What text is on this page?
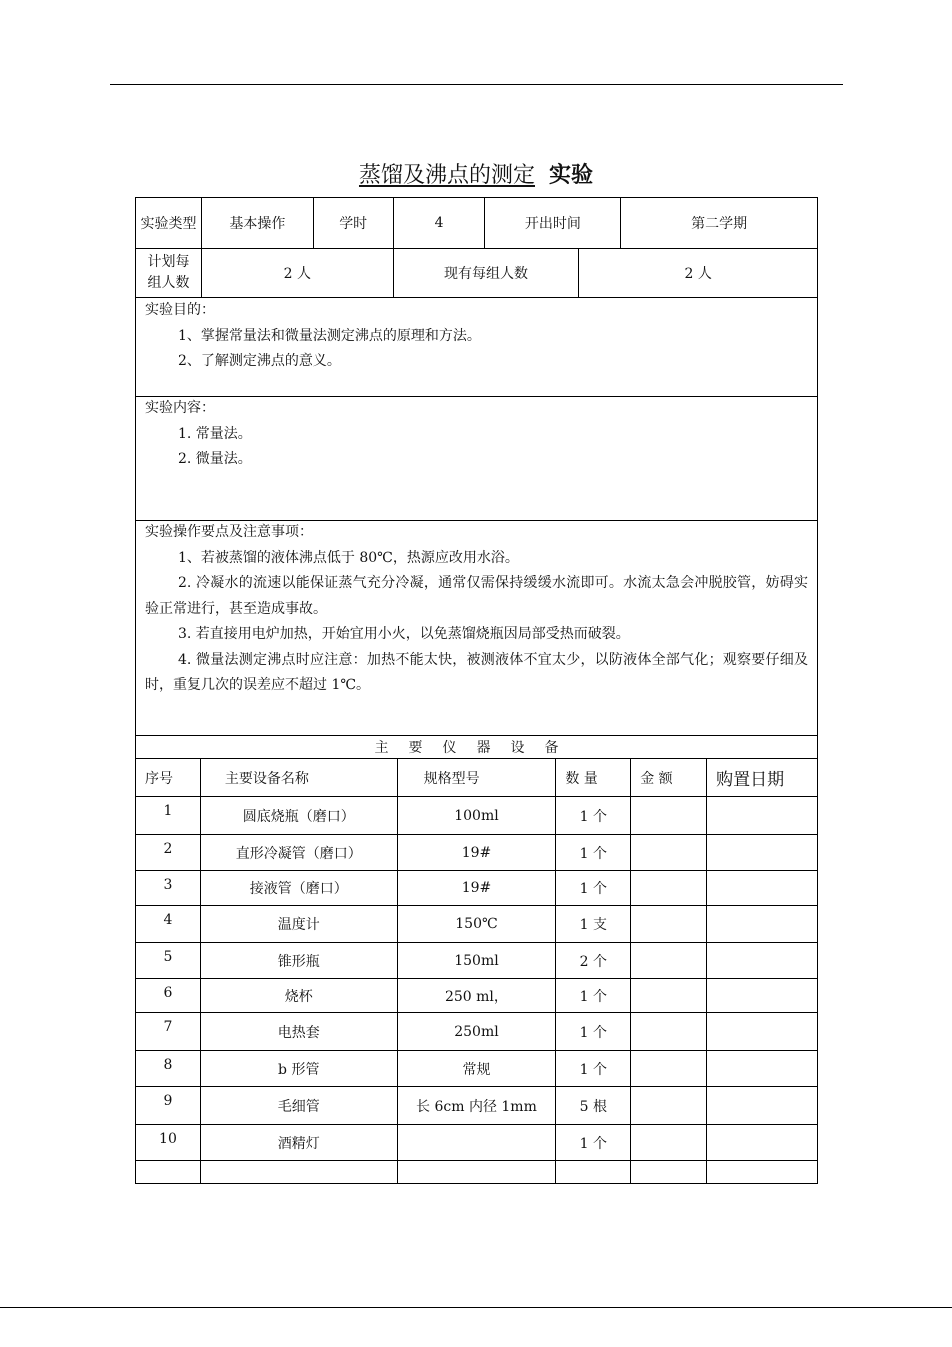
蒸馏及沸点的测定 实验
实验类型	基本操作	学时	4	开出时间		第二学期
计划每组人数	2 人		现有每组人数		2 人	
实验目的：
1、掌握常量法和微量法测定沸点的原理和方法。
2、了解测定沸点的意义。
实验内容：
1. 常量法。
2. 微量法。
实验操作要点及注意事项：
1、若被蒸馏的液体沸点低于 80℃，热源应改用水浴。
2. 冷凝水的流速以能保证蒸气充分冷凝，通常仅需保持缓缓水流即可。水流太急会冲脱胶管，妨碍实验正常进行，甚至造成事故。
3. 若直接用电炉加热，开始宜用小火，以免蒸馏烧瓶因局部受热而破裂。
4. 微量法测定沸点时应注意：加热不能太快，被测液体不宜太少，以防液体全部气化；观察要仔细及时，重复几次的误差应不超过 1℃。
主要仪器设备					
序号	主要设备名称	规格型号	数 量	金 额	购置日期
1	圆底烧瓶（磨口）	100ml	1 个		
2	直形冷凝管（磨口）	19#	1 个		
3	接液管（磨口）	19#	1 个		
4	温度计	150℃	1 支		
5	锥形瓶	150ml	2 个		
6	烧杯	250 ml，	1 个		
7	电热套	250ml	1 个		
8	b 形管	常规	1 个		
9	毛细管	长 6cm 内径 1mm	5 根		
10	酒精灯		1 个		
